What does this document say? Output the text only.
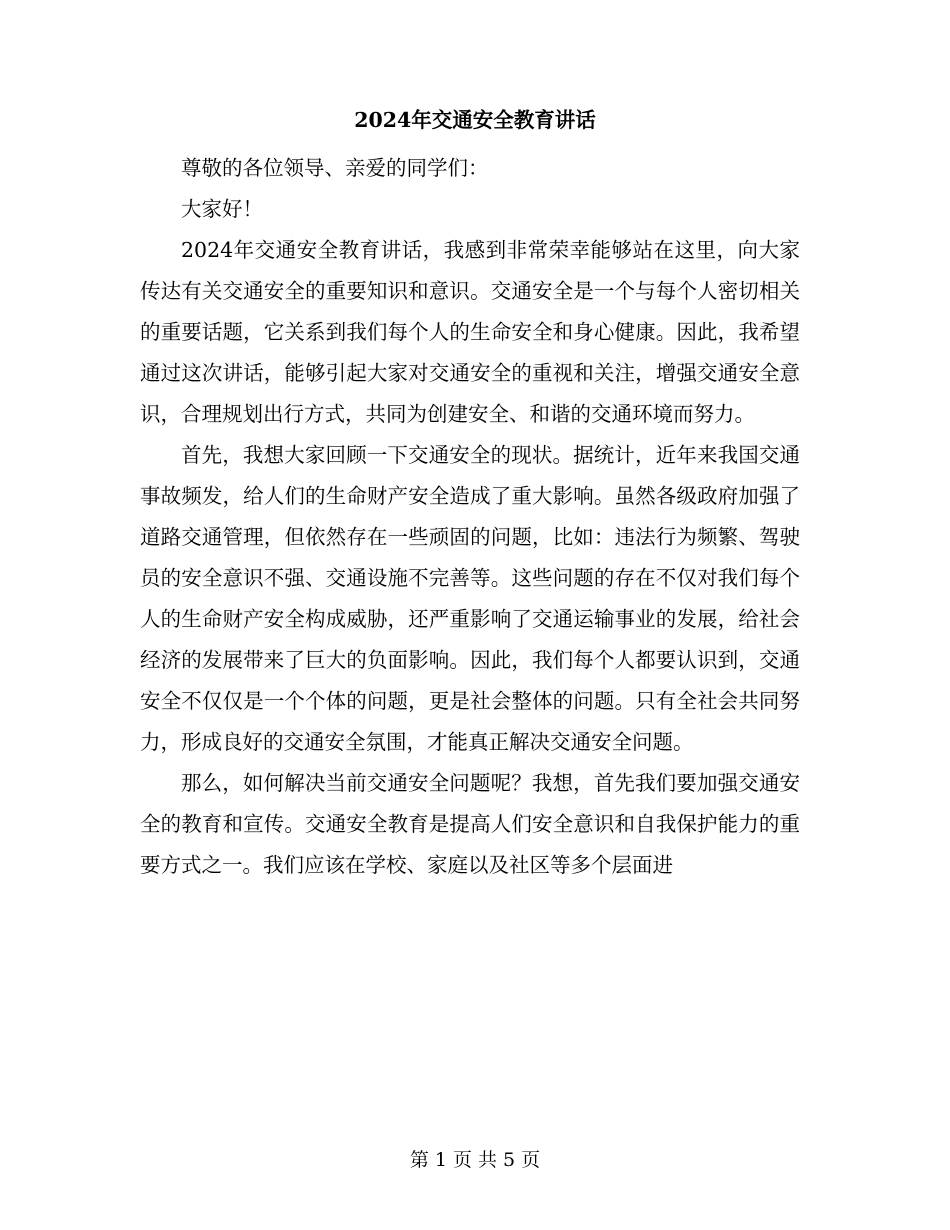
2024年交通安全教育讲话

尊敬的各位领导、亲爱的同学们：

大家好！

2024年交通安全教育讲话，我感到非常荣幸能够站在这里，向大家传达有关交通安全的重要知识和意识。交通安全是一个与每个人密切相关的重要话题，它关系到我们每个人的生命安全和身心健康。因此，我希望通过这次讲话，能够引起大家对交通安全的重视和关注，增强交通安全意识，合理规划出行方式，共同为创建安全、和谐的交通环境而努力。

首先，我想大家回顾一下交通安全的现状。据统计，近年来我国交通事故频发，给人们的生命财产安全造成了重大影响。虽然各级政府加强了道路交通管理，但依然存在一些顽固的问题，比如：违法行为频繁、驾驶员的安全意识不强、交通设施不完善等。这些问题的存在不仅对我们每个人的生命财产安全构成威胁，还严重影响了交通运输事业的发展，给社会经济的发展带来了巨大的负面影响。因此，我们每个人都要认识到，交通安全不仅仅是一个个体的问题，更是社会整体的问题。只有全社会共同努力，形成良好的交通安全氛围，才能真正解决交通安全问题。

那么，如何解决当前交通安全问题呢？我想，首先我们要加强交通安全的教育和宣传。交通安全教育是提高人们安全意识和自我保护能力的重要方式之一。我们应该在学校、家庭以及社区等多个层面进

第 1 页 共 5 页
